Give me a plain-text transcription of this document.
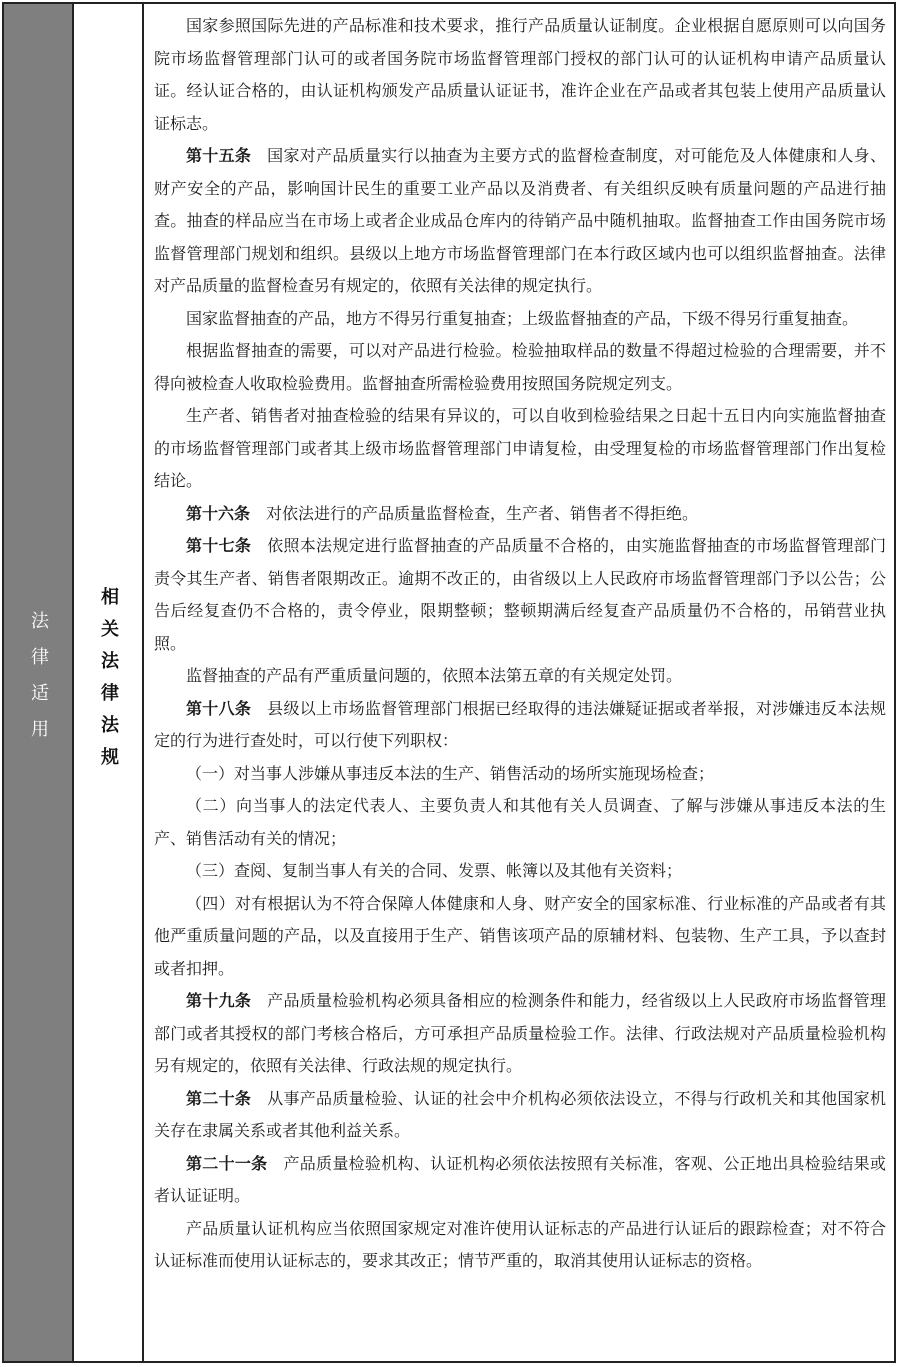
法律适用	相关法律法规

国家参照国际先进的产品标准和技术要求，推行产品质量认证制度。企业根据自愿原则可以向国务院市场监督管理部门认可的或者国务院市场监督管理部门授权的部门认可的认证机构申请产品质量认证。经认证合格的，由认证机构颁发产品质量认证证书，准许企业在产品或者其包装上使用产品质量认证标志。

第十五条 国家对产品质量实行以抽查为主要方式的监督检查制度，对可能危及人体健康和人身、财产安全的产品，影响国计民生的重要工业产品以及消费者、有关组织反映有质量问题的产品进行抽查。抽查的样品应当在市场上或者企业成品仓库内的待销产品中随机抽取。监督抽查工作由国务院市场监督管理部门规划和组织。县级以上地方市场监督管理部门在本行政区域内也可以组织监督抽查。法律对产品质量的监督检查另有规定的，依照有关法律的规定执行。

国家监督抽查的产品，地方不得另行重复抽查；上级监督抽查的产品，下级不得另行重复抽查。

根据监督抽查的需要，可以对产品进行检验。检验抽取样品的数量不得超过检验的合理需要，并不得向被检查人收取检验费用。监督抽查所需检验费用按照国务院规定列支。

生产者、销售者对抽查检验的结果有异议的，可以自收到检验结果之日起十五日内向实施监督抽查的市场监督管理部门或者其上级市场监督管理部门申请复检，由受理复检的市场监督管理部门作出复检结论。

第十六条 对依法进行的产品质量监督检查，生产者、销售者不得拒绝。

第十七条 依照本法规定进行监督抽查的产品质量不合格的，由实施监督抽查的市场监督管理部门责令其生产者、销售者限期改正。逾期不改正的，由省级以上人民政府市场监督管理部门予以公告；公告后经复查仍不合格的，责令停业，限期整顿；整顿期满后经复查产品质量仍不合格的，吊销营业执照。

监督抽查的产品有严重质量问题的，依照本法第五章的有关规定处罚。

第十八条 县级以上市场监督管理部门根据已经取得的违法嫌疑证据或者举报，对涉嫌违反本法规定的行为进行查处时，可以行使下列职权：

（一）对当事人涉嫌从事违反本法的生产、销售活动的场所实施现场检查；

（二）向当事人的法定代表人、主要负责人和其他有关人员调查、了解与涉嫌从事违反本法的生产、销售活动有关的情况；

（三）查阅、复制当事人有关的合同、发票、帐簿以及其他有关资料；

（四）对有根据认为不符合保障人体健康和人身、财产安全的国家标准、行业标准的产品或者有其他严重质量问题的产品，以及直接用于生产、销售该项产品的原辅材料、包装物、生产工具，予以查封或者扣押。

第十九条 产品质量检验机构必须具备相应的检测条件和能力，经省级以上人民政府市场监督管理部门或者其授权的部门考核合格后，方可承担产品质量检验工作。法律、行政法规对产品质量检验机构另有规定的，依照有关法律、行政法规的规定执行。

第二十条 从事产品质量检验、认证的社会中介机构必须依法设立，不得与行政机关和其他国家机关存在隶属关系或者其他利益关系。

第二十一条 产品质量检验机构、认证机构必须依法按照有关标准，客观、公正地出具检验结果或者认证证明。

产品质量认证机构应当依照国家规定对准许使用认证标志的产品进行认证后的跟踪检查；对不符合认证标准而使用认证标志的，要求其改正；情节严重的，取消其使用认证标志的资格。
